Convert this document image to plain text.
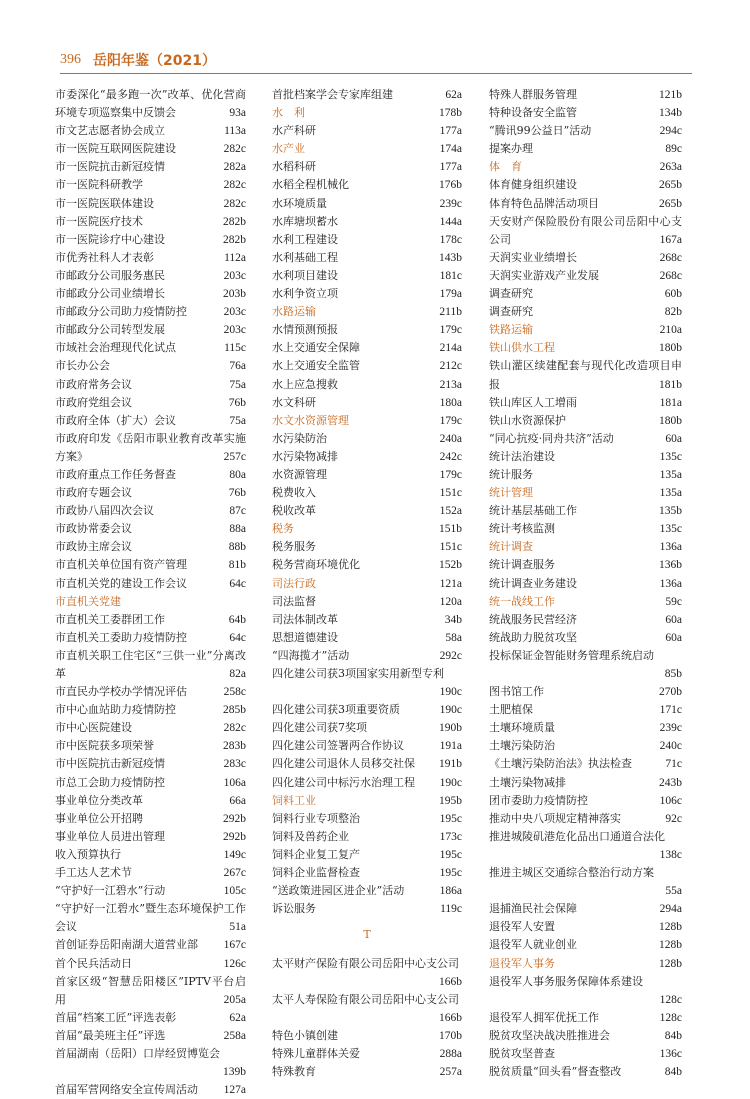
396 岳阳年鉴（2021）
市委深化“最多跑一次”改革、优化营商环境专项巡察集中反馈会	93a
市文艺志愿者协会成立	113a
市一医院互联网医院建设	282c
市一医院抗击新冠疫情	282a
市一医院科研教学	282c
市一医院医联体建设	282c
市一医院医疗技术	282b
市一医院诊疗中心建设	282b
市优秀社科人才表彰	112a
市邮政分公司服务惠民	203c
市邮政分公司业绩增长	203b
市邮政分公司助力疫情防控	203c
市邮政分公司转型发展	203c
市域社会治理现代化试点	115c
市长办公会	76a
市政府常务会议	75a
市政府党组会议	76b
市政府全体（扩大）会议	75a
市政府印发《岳阳市职业教育改革实施方案》	257c
市政府重点工作任务督查	80a
市政府专题会议	76b
市政协八届四次会议	87c
市政协常委会议	88a
市政协主席会议	88b
市直机关单位国有资产管理	81b
市直机关党的建设工作会议	64c
市直机关党建
市直机关工委群团工作	64b
市直机关工委助力疫情防控	64c
市直机关职工住宅区“三供一业”分离改革	82a
市直民办学校办学情况评估	258c
市中心血站助力疫情防控	285b
市中心医院建设	282c
市中医院获多项荣誉	283b
市中医院抗击新冠疫情	283c
市总工会助力疫情防控	106a
事业单位分类改革	66a
事业单位公开招聘	292b
事业单位人员进出管理	292b
收入预算执行	149c
手工达人艺术节	267c
“守护好一江碧水”行动	105c
“守护好一江碧水”暨生态环境保护工作会议	51a
首创证券岳阳南湖大道营业部 167c
首个民兵活动日	126c
首家区级“智慧岳阳楼区”IPTV平台启用	205a
首届“档案工匠”评选表彰	62a
首届“最美班主任”评选	258a
首届湖南（岳阳）口岸经贸博览会
139b
首届军营网络安全宣传周活动 127a
首批档案学会专家库组建	62a
水　利	178b
水产科研	177a
水产业	174a
水稻科研	177a
水稻全程机械化	176b
水环境质量	239c
水库塘坝蓄水	144a
水利工程建设	178c
水利基础工程	143b
水利项目建设	181c
水利争资立项	179a
水路运输	211b
水情预测预报	179c
水上交通安全保障	214a
水上交通安全监管	212c
水上应急搜救	213a
水文科研	180a
水文水资源管理	179c
水污染防治	240a
水污染物减排	242c
水资源管理	179c
税费收入	151c
税收改革	152a
税务	151b
税务服务	151c
税务营商环境优化	152b
司法行政	121a
司法监督	120a
司法体制改革	34b
思想道德建设	58a
“四海揽才”活动	292c
四化建公司获3项国家实用新型专利
190c
四化建公司获3项重要资质	190c
四化建公司获7奖项	190b
四化建公司签署两合作协议	191a
四化建公司退休人员移交社保 191b
四化建公司中标污水治理工程 190c
饲料工业	195b
饲料行业专项整治	195c
饲料及兽药企业	173c
饲料企业复工复产	195c
饲料企业监督检查	195c
“送政策进园区进企业”活动	186a
诉讼服务	119c
T
太平财产保险有限公司岳阳中心支公司
166b
太平人寿保险有限公司岳阳中心支公司
166b
特色小镇创建	170b
特殊儿童群体关爱	288a
特殊教育	257a
特殊人群服务管理	121b
特种设备安全监管	134b
“腾讯99公益日”活动	294c
提案办理	89c
体　育	263a
体育健身组织建设	265b
体育特色品牌活动项目	265b
天安财产保险股份有限公司岳阳中心支公司	167a
天润实业业绩增长	268c
天润实业游戏产业发展	268c
调查研究	60b
调查研究	82b
铁路运输	210a
铁山供水工程	180b
铁山灌区续建配套与现代化改造项目申报	181b
铁山库区人工增雨	181a
铁山水资源保护	180b
“同心抗疫·同舟共济”活动	60a
统计法治建设	135c
统计服务	135a
统计管理	135a
统计基层基础工作	135b
统计考核监测	135c
统计调查	136a
统计调查服务	136b
统计调查业务建设	136a
统一战线工作	59c
统战服务民营经济	60a
统战助力脱贫攻坚	60a
投标保证金智能财务管理系统启动
85b
图书馆工作	270b
土肥植保	171c
土壤环境质量	239c
土壤污染防治	240c
《土壤污染防治法》执法检查	71c
土壤污染物减排	243b
团市委助力疫情防控	106c
推动中央八项规定精神落实	92c
推进城陵矶港危化品出口通道合法化
138c
推进主城区交通综合整治行动方案
55a
退捕渔民社会保障	294a
退役军人安置	128b
退役军人就业创业	128b
退役军人事务	128b
退役军人事务服务保障体系建设
128c
退役军人拥军优抚工作	128c
脱贫攻坚决战决胜推进会	84b
脱贫攻坚普查	136c
脱贫质量“回头看”督查整改	84b
